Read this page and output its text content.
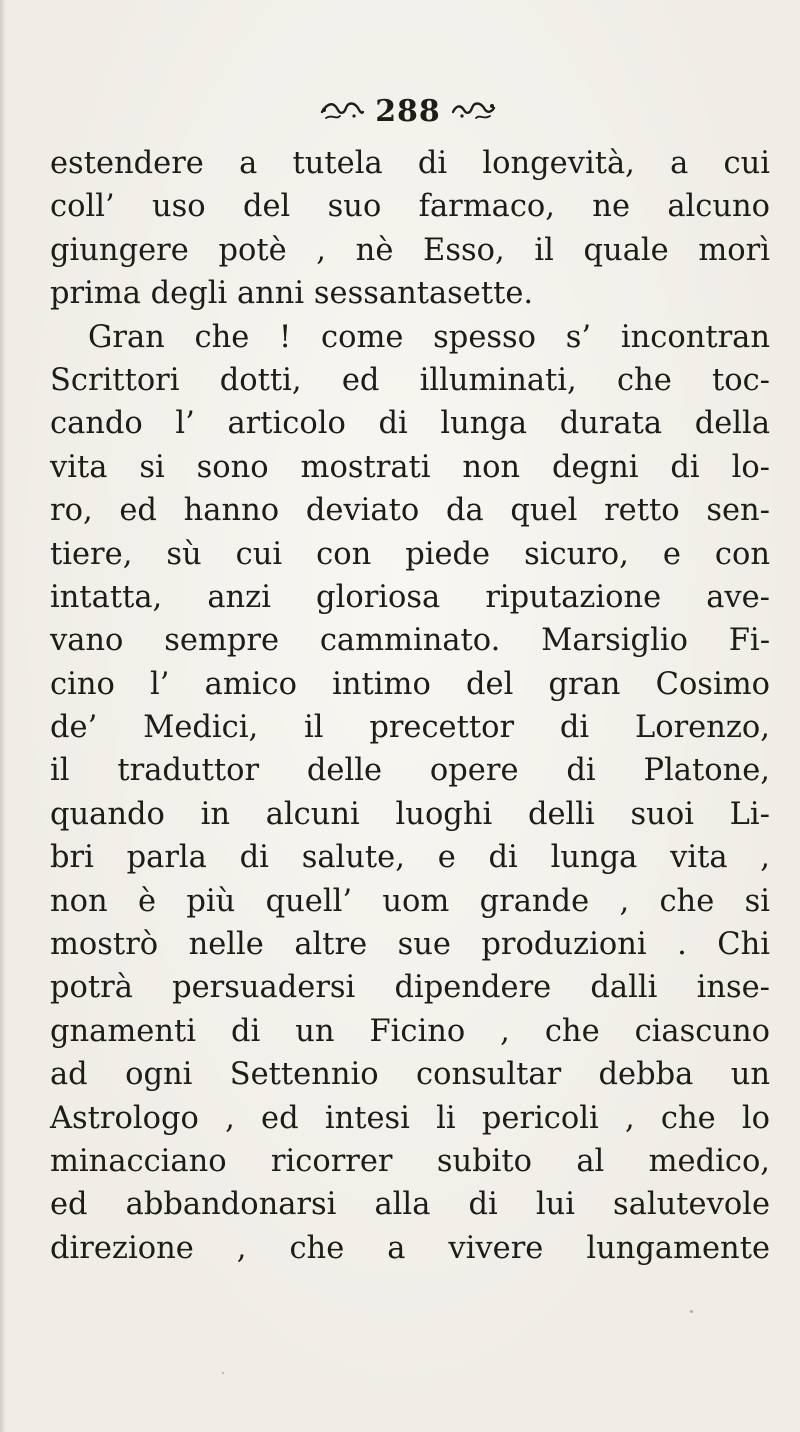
288
estendere a tutela di longevità, a cui
coll’ uso del suo farmaco, ne alcuno
giungere potè , nè Esso, il quale morì
prima degli anni sessantasette.
Gran che ! come spesso s’ incontran
Scrittori dotti, ed illuminati, che toc-
cando l’ articolo di lunga durata della
vita si sono mostrati non degni di lo-
ro, ed hanno deviato da quel retto sen-
tiere, sù cui con piede sicuro, e con
intatta, anzi gloriosa riputazione ave-
vano sempre camminato. Marsiglio Fi-
cino l’ amico intimo del gran Cosimo
de’ Medici, il precettor di Lorenzo,
il traduttor delle opere di Platone,
quando in alcuni luoghi delli suoi Li-
bri parla di salute, e di lunga vita ,
non è più quell’ uom grande , che si
mostrò nelle altre sue produzioni . Chi
potrà persuadersi dipendere dalli inse-
gnamenti di un Ficino , che ciascuno
ad ogni Settennio consultar debba un
Astrologo , ed intesi li pericoli , che lo
minacciano ricorrer subito al medico,
ed abbandonarsi alla di lui salutevole
direzione , che a vivere lungamente
